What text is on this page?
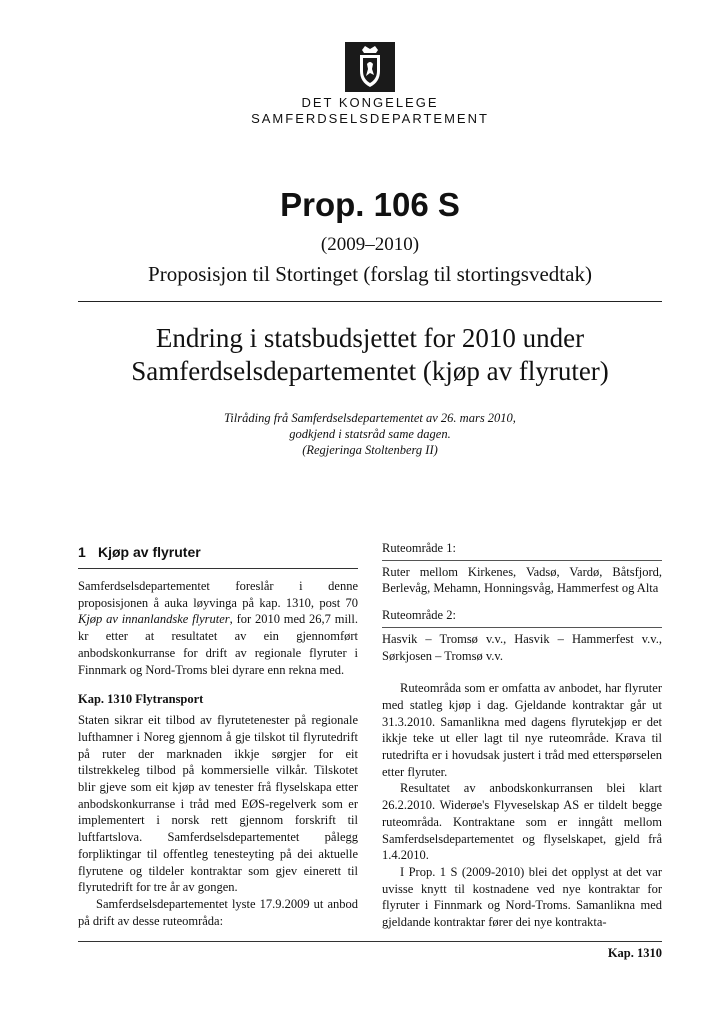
DET KONGELEGE
SAMFERDSELSDEPARTEMENT
Prop. 106 S
(2009–2010)
Proposisjon til Stortinget (forslag til stortingsvedtak)
Endring i statsbudsjettet for 2010 under
Samferdselsdepartementet (kjøp av flyruter)
Tilråding frå Samferdselsdepartementet av 26. mars 2010,
godkjend i statsråd same dagen.
(Regjeringa Stoltenberg II)
1 Kjøp av flyruter

Samferdselsdepartementet foreslår i denne proposisjonen å auka løyvinga på kap. 1310, post 70 Kjøp av innanlandske flyruter, for 2010 med 26,7 mill. kr etter at resultatet av ein gjennomført anbodskonkurranse for drift av regionale flyruter i Finnmark og Nord-Troms blei dyrare enn rekna med.

Kap. 1310 Flytransport

Staten sikrar eit tilbod av flyrutetenester på regionale lufthamner i Noreg gjennom å gje tilskot til flyrutedrift på ruter der marknaden ikkje sørgjer for eit tilstrekkeleg tilbod på kommersielle vilkår. Tilskotet blir gjeve som eit kjøp av tenester frå flyselskapa etter anbodskonkurranse i tråd med EØS-regelverk som er implementert i norsk rett gjennom forskrift til luftfartslova. Samferdselsdepartementet pålegg forpliktingar til offentleg tenesteyting på dei aktuelle flyrutene og tildeler kontraktar som gjev einerett til flyrutedrift for tre år av gongen.

Samferdselsdepartementet lyste 17.9.2009 ut anbod på drift av desse ruteområda:

Ruteområde 1:

Ruter mellom Kirkenes, Vadsø, Vardø, Båtsfjord, Berlevåg, Mehamn, Honningsvåg, Hammerfest og Alta

Ruteområde 2:

Hasvik – Tromsø v.v., Hasvik – Hammerfest v.v., Sørkjosen – Tromsø v.v.

Ruteområda som er omfatta av anbodet, har flyruter med statleg kjøp i dag. Gjeldande kontraktar går ut 31.3.2010. Samanlikna med dagens flyrutekjøp er det ikkje teke ut eller lagt til nye ruteområde. Krava til rutedrifta er i hovudsak justert i tråd med etterspørselen etter flyruter.

Resultatet av anbodskonkurransen blei klart 26.2.2010. Widerøe's Flyveselskap AS er tildelt begge ruteområda. Kontraktane som er inngått mellom Samferdselsdepartementet og flyselskapet, gjeld frå 1.4.2010.

I Prop. 1 S (2009-2010) blei det opplyst at det var uvisse knytt til kostnadene ved nye kontraktar for flyruter i Finnmark og Nord-Troms. Samanlikna med gjeldande kontraktar fører dei nye kontrakta-

Kap. 1310
